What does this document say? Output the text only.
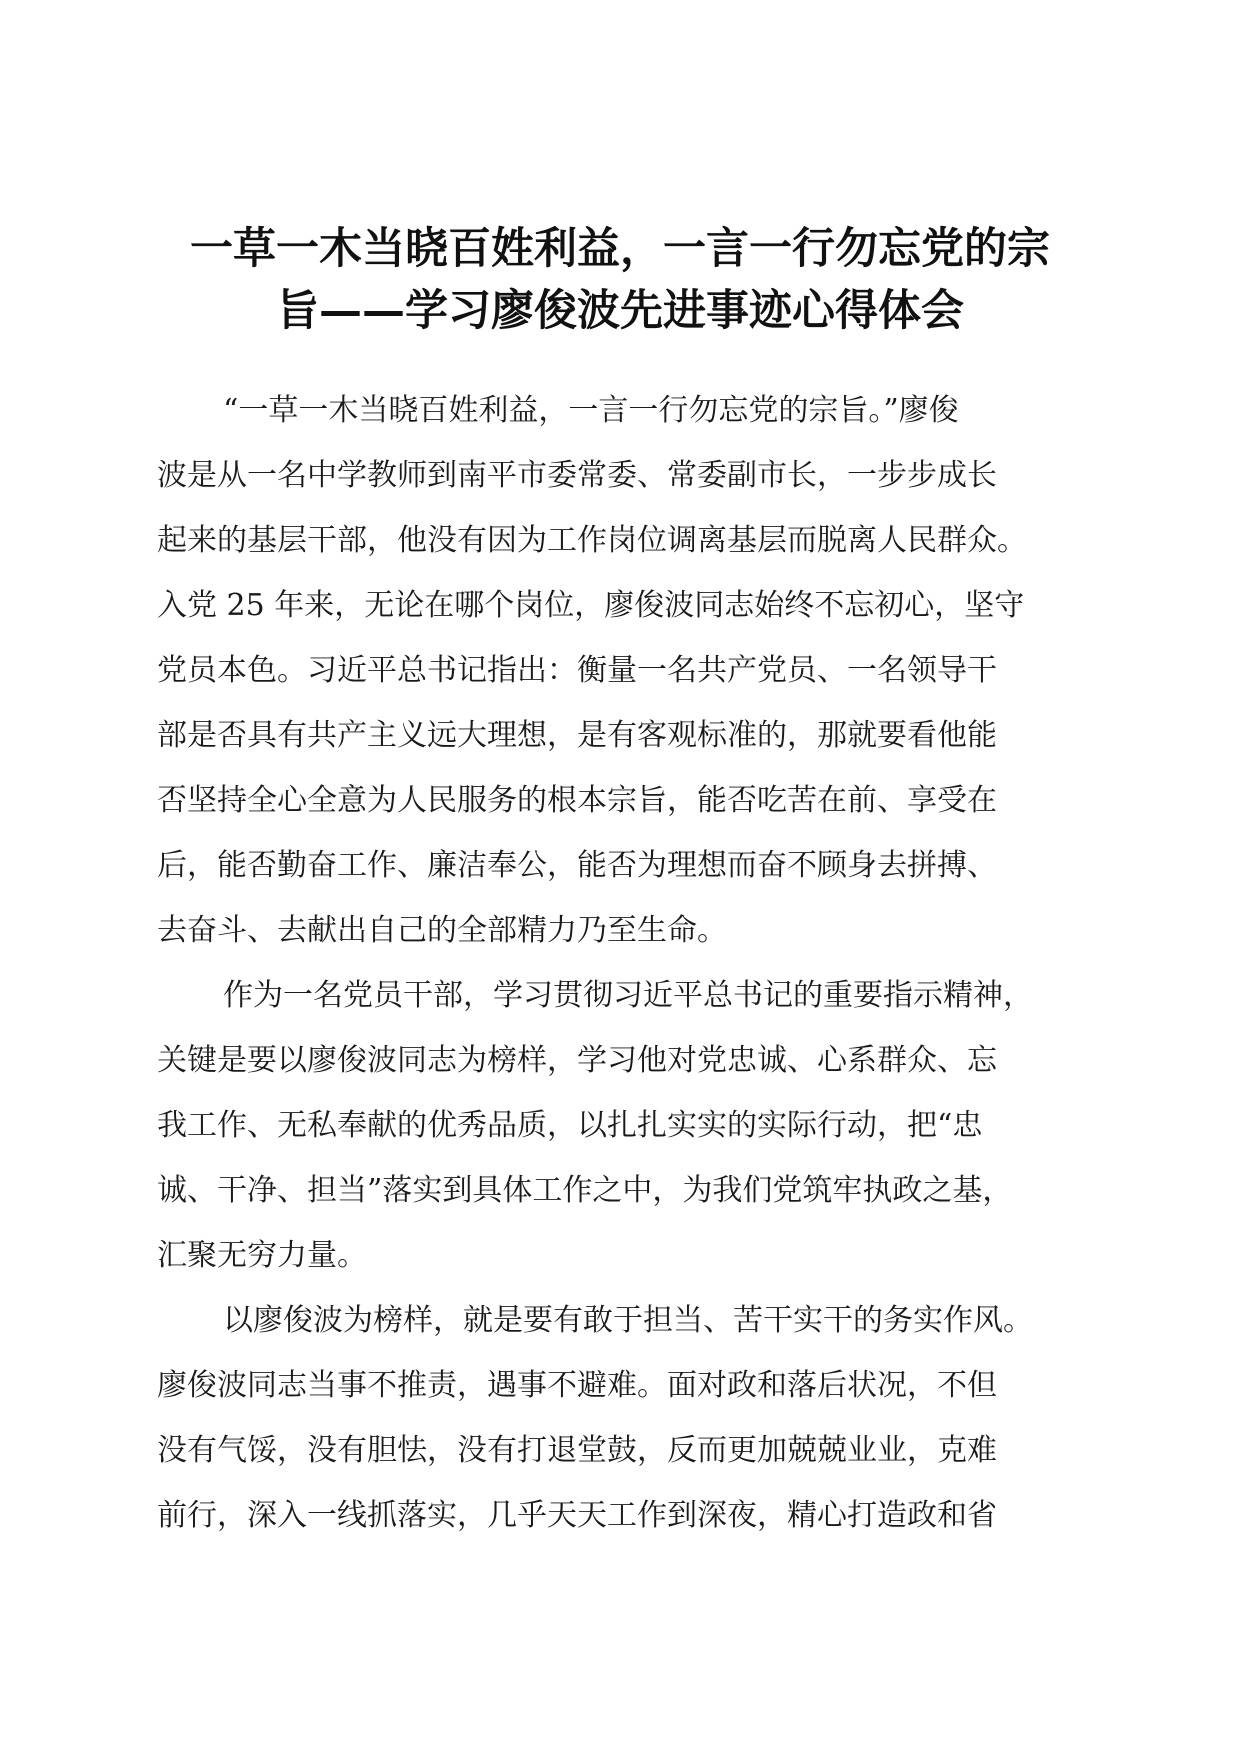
一草一木当晓百姓利益，一言一行勿忘党的宗
旨——学习廖俊波先进事迹心得体会

“一草一木当晓百姓利益，一言一行勿忘党的宗旨。”廖俊
波是从一名中学教师到南平市委常委、常委副市长，一步步成长
起来的基层干部，他没有因为工作岗位调离基层而脱离人民群众。
入党 25 年来，无论在哪个岗位，廖俊波同志始终不忘初心，坚守
党员本色。习近平总书记指出：衡量一名共产党员、一名领导干
部是否具有共产主义远大理想，是有客观标准的，那就要看他能
否坚持全心全意为人民服务的根本宗旨，能否吃苦在前、享受在
后，能否勤奋工作、廉洁奉公，能否为理想而奋不顾身去拼搏、
去奋斗、去献出自己的全部精力乃至生命。

作为一名党员干部，学习贯彻习近平总书记的重要指示精神，
关键是要以廖俊波同志为榜样，学习他对党忠诚、心系群众、忘
我工作、无私奉献的优秀品质，以扎扎实实的实际行动，把“忠
诚、干净、担当”落实到具体工作之中，为我们党筑牢执政之基，
汇聚无穷力量。

以廖俊波为榜样，就是要有敢于担当、苦干实干的务实作风。
廖俊波同志当事不推责，遇事不避难。面对政和落后状况，不但
没有气馁，没有胆怯，没有打退堂鼓，反而更加兢兢业业，克难
前行，深入一线抓落实，几乎天天工作到深夜，精心打造政和省
